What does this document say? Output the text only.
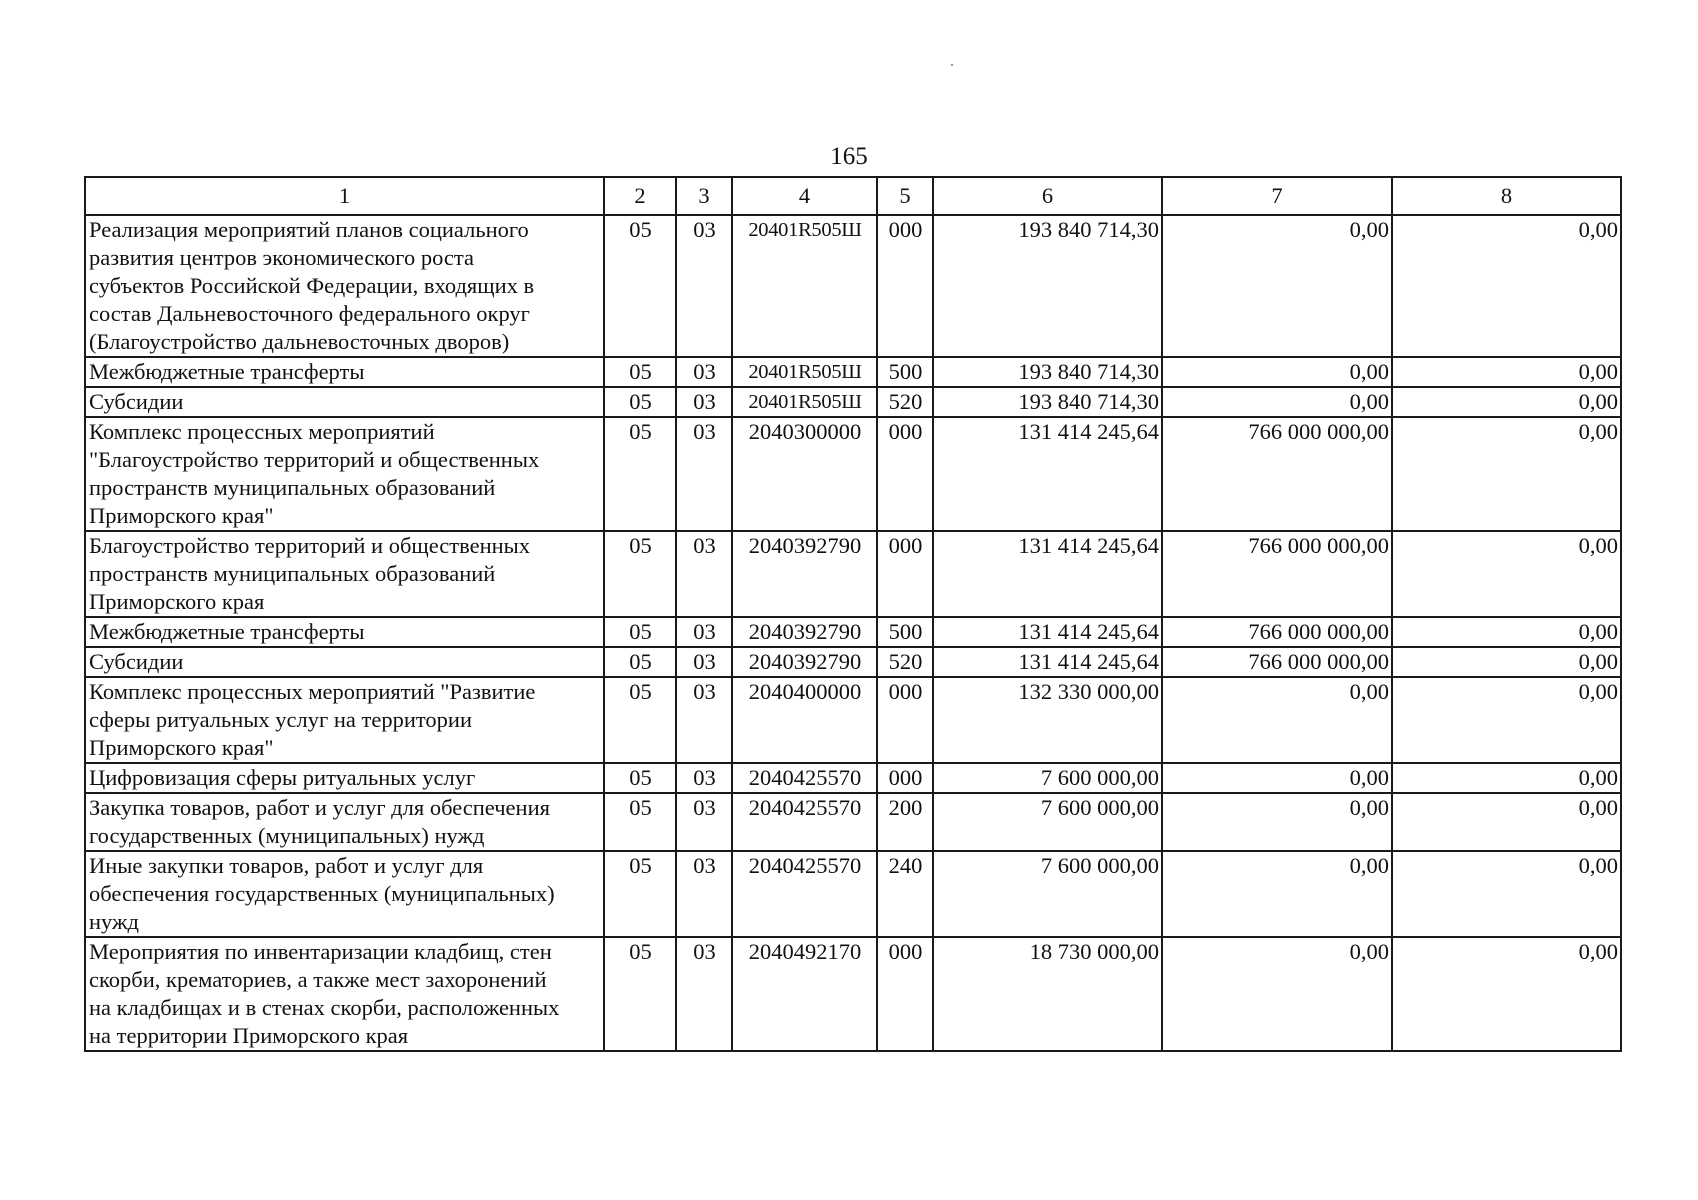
165
1	2	3	4	5	6	7	8

Реализация мероприятий планов социального
развития центров экономического роста
субъектов Российской Федерации, входящих в
состав Дальневосточного федерального округ
(Благоустройство дальневосточных дворов)	05	03	20401R505Ш	000	193 840 714,30	0,00	0,00

Межбюджетные трансферты	05	03	20401R505Ш	500	193 840 714,30	0,00	0,00

Субсидии	05	03	20401R505Ш	520	193 840 714,30	0,00	0,00

Комплекс процессных мероприятий
"Благоустройство территорий и общественных
пространств муниципальных образований
Приморского края"	05	03	2040300000	000	131 414 245,64	766 000 000,00	0,00

Благоустройство территорий и общественных
пространств муниципальных образований
Приморского края	05	03	2040392790	000	131 414 245,64	766 000 000,00	0,00

Межбюджетные трансферты	05	03	2040392790	500	131 414 245,64	766 000 000,00	0,00

Субсидии	05	03	2040392790	520	131 414 245,64	766 000 000,00	0,00

Комплекс процессных мероприятий "Развитие
сферы ритуальных услуг на территории
Приморского края"	05	03	2040400000	000	132 330 000,00	0,00	0,00

Цифровизация сферы ритуальных услуг	05	03	2040425570	000	7 600 000,00	0,00	0,00

Закупка товаров, работ и услуг для обеспечения
государственных (муниципальных) нужд	05	03	2040425570	200	7 600 000,00	0,00	0,00

Иные закупки товаров, работ и услуг для
обеспечения государственных (муниципальных)
нужд	05	03	2040425570	240	7 600 000,00	0,00	0,00

Мероприятия по инвентаризации кладбищ, стен
скорби, крематориев, а также мест захоронений
на кладбищах и в стенах скорби, расположенных
на территории Приморского края	05	03	2040492170	000	18 730 000,00	0,00	0,00
